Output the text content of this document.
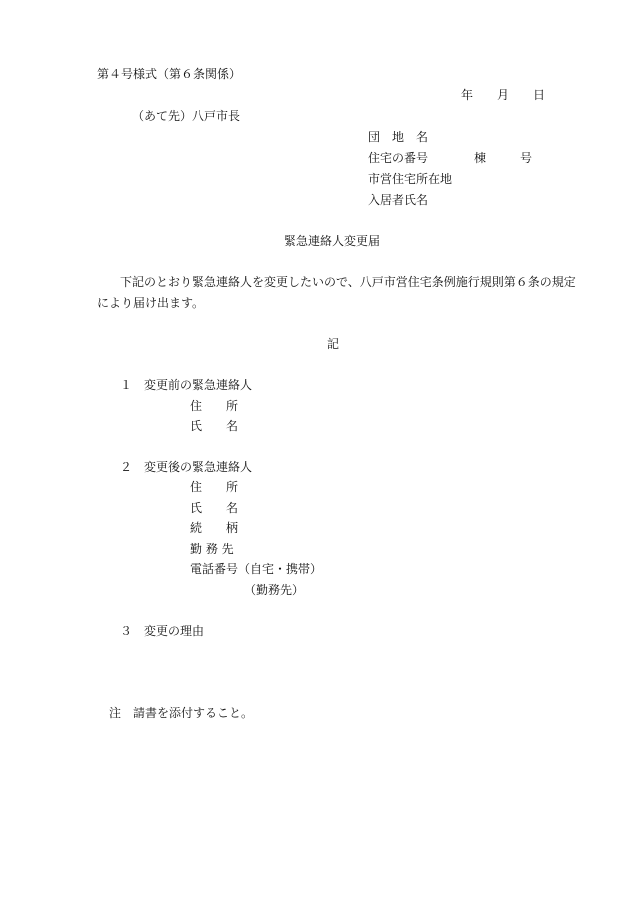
第４号様式（第６条関係）
年　　月　　日
（あて先）八戸市長
団　地　名
住宅の番号	棟	号
市営住宅所在地
入居者氏名
緊急連絡人変更届
下記のとおり緊急連絡人を変更したいので、八戸市営住宅条例施行規則第６条の規定
により届け出ます。
記
１　変更前の緊急連絡人
住　　所
氏　　名
２　変更後の緊急連絡人
住　　所
氏　　名
続　　柄
勤 務 先
電話番号（自宅・携帯）
（勤務先）
３　変更の理由
注　請書を添付すること。
